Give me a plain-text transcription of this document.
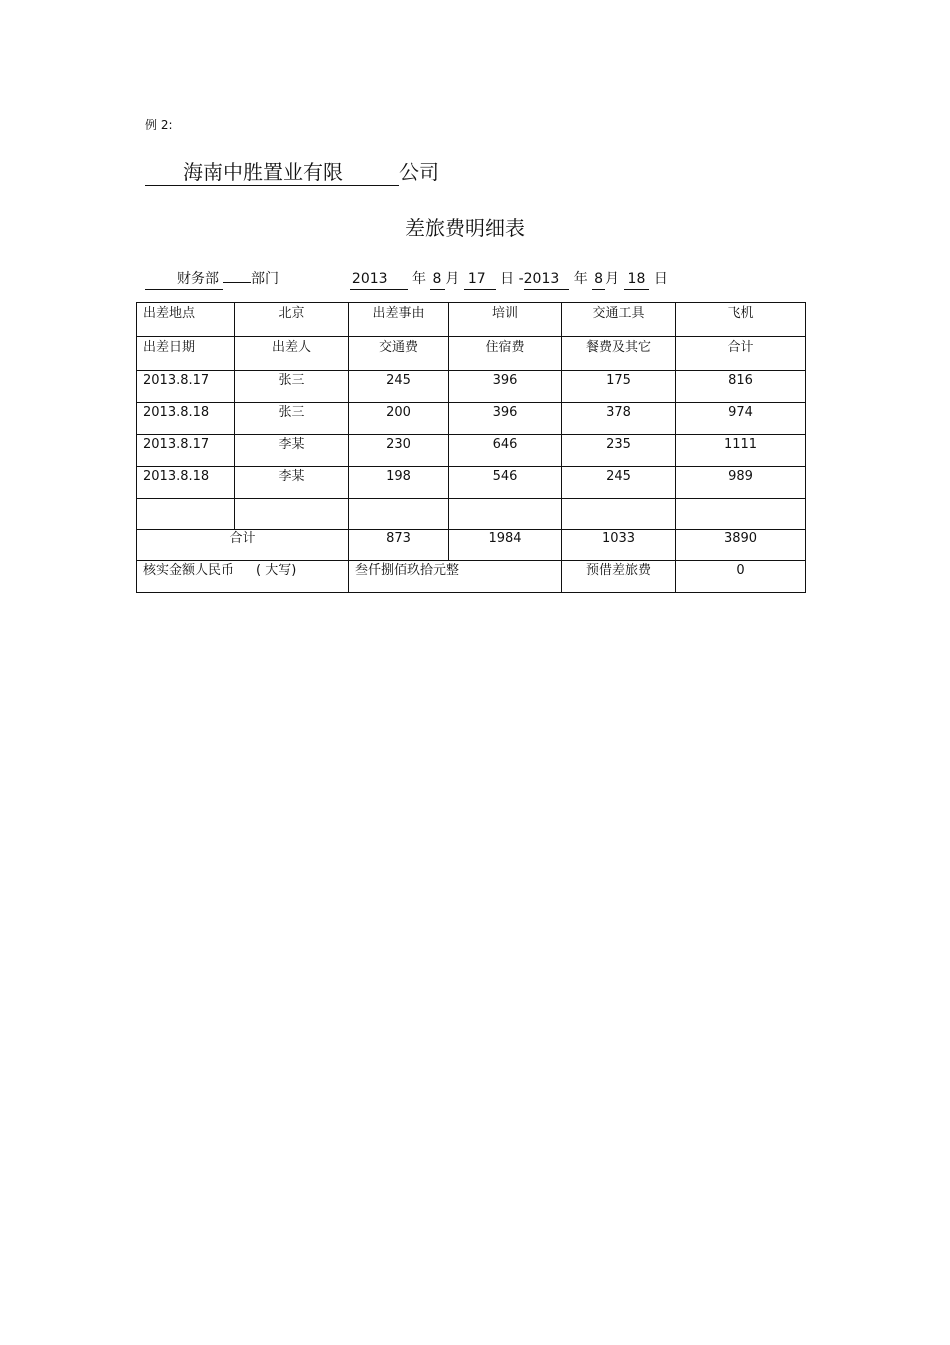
例 2:
海南中胜置业有限	公司
差旅费明细表
财务部 部门	2013 年 8 月 17 日 -2013 年 8 月 18 日
出差地点	北京	出差事由	培训	交通工具	飞机
出差日期	出差人	交通费	住宿费	餐费及其它	合计
2013.8.17	张三	245	396	175	816
2013.8.18	张三	200	396	378	974
2013.8.17	李某	230	646	235	1111
2013.8.18	李某	198	546	245	989

合计		873	1984	1033	3890
核实金额人民币 ( 大写)		叁仟捌佰玖拾元整		预借差旅费	0
